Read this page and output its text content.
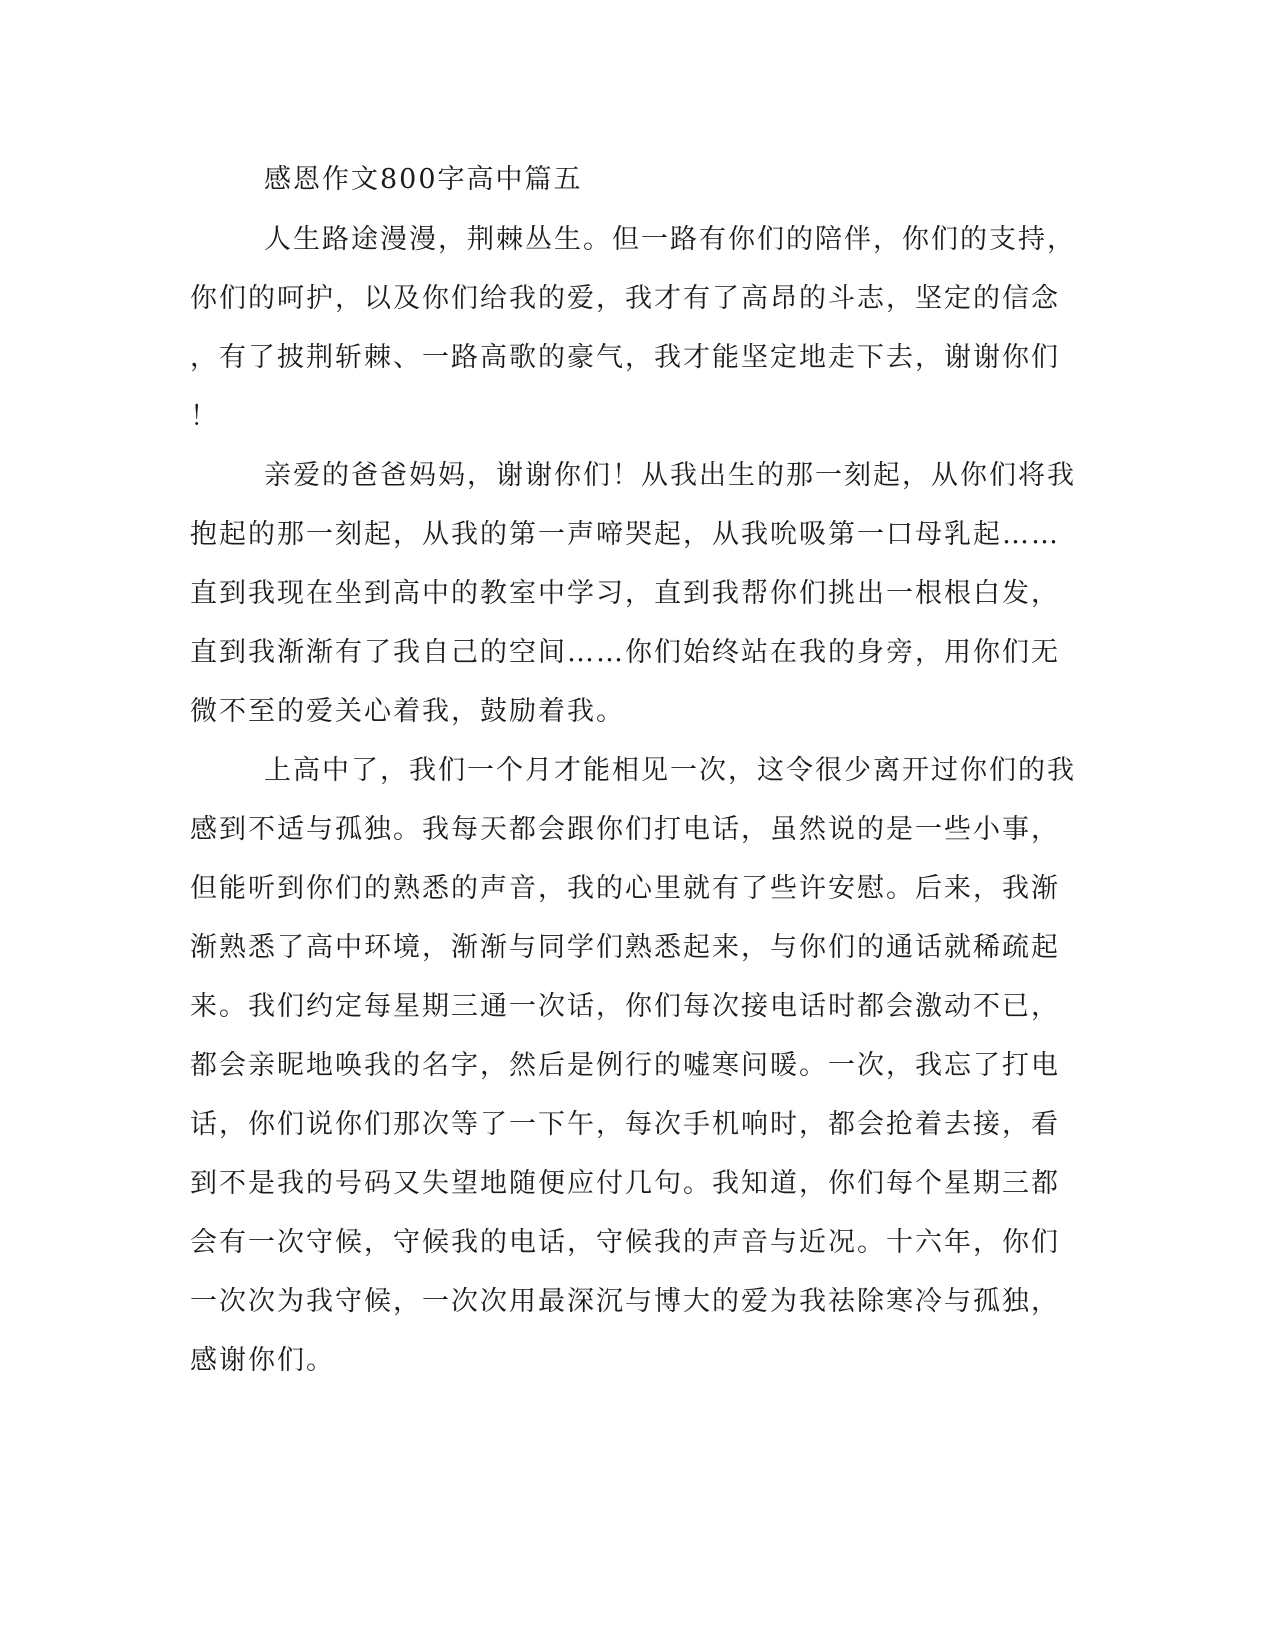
感恩作文800字高中篇五
人生路途漫漫，荆棘丛生。但一路有你们的陪伴，你们的支持，
你们的呵护，以及你们给我的爱，我才有了高昂的斗志，坚定的信念
，有了披荆斩棘、一路高歌的豪气，我才能坚定地走下去，谢谢你们
！
亲爱的爸爸妈妈，谢谢你们！从我出生的那一刻起，从你们将我
抱起的那一刻起，从我的第一声啼哭起，从我吮吸第一口母乳起……
直到我现在坐到高中的教室中学习，直到我帮你们挑出一根根白发，
直到我渐渐有了我自己的空间……你们始终站在我的身旁，用你们无
微不至的爱关心着我，鼓励着我。
上高中了，我们一个月才能相见一次，这令很少离开过你们的我
感到不适与孤独。我每天都会跟你们打电话，虽然说的是一些小事，
但能听到你们的熟悉的声音，我的心里就有了些许安慰。后来，我渐
渐熟悉了高中环境，渐渐与同学们熟悉起来，与你们的通话就稀疏起
来。我们约定每星期三通一次话，你们每次接电话时都会激动不已，
都会亲昵地唤我的名字，然后是例行的嘘寒问暖。一次，我忘了打电
话，你们说你们那次等了一下午，每次手机响时，都会抢着去接，看
到不是我的号码又失望地随便应付几句。我知道，你们每个星期三都
会有一次守候，守候我的电话，守候我的声音与近况。十六年，你们
一次次为我守候，一次次用最深沉与博大的爱为我祛除寒冷与孤独，
感谢你们。
